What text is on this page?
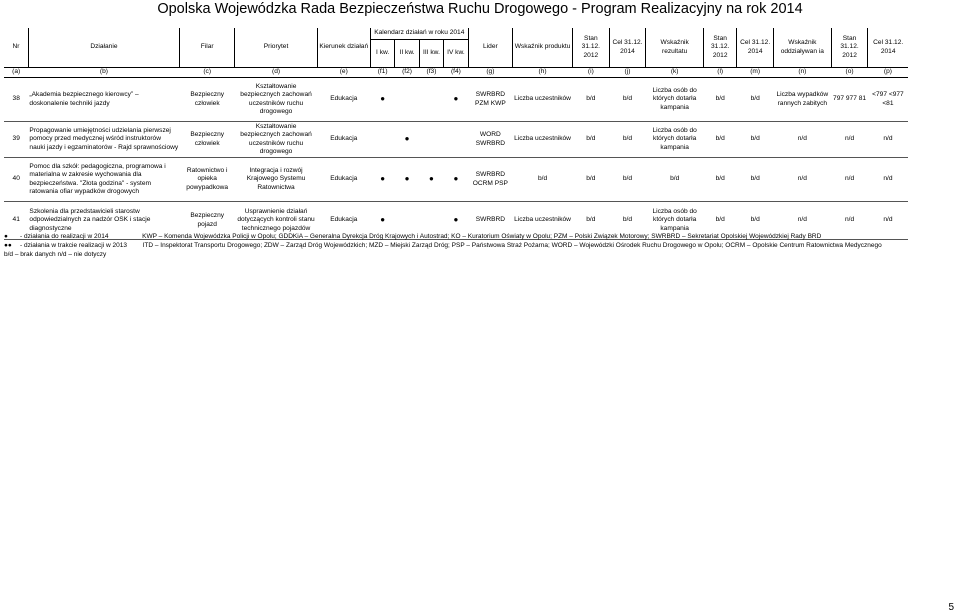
Opolska Wojewódzka Rada Bezpieczeństwa Ruchu Drogowego - Program Realizacyjny na rok 2014
Nr	Działanie	Filar	Priorytet	Kierunek działań	Kalendarz działań w roku 2014				Lider	Wskaźnik produktu	Stan 31.12. 2012	Cel 31.12. 2014	Wskaźnik rezultatu	Stan 31.12. 2012	Cel 31.12. 2014	Wskaźnik oddziaływan ia	Stan 31.12. 2012	Cel 31.12. 2014
					I kw.	II kw.	III kw.	IV kw.										
(a)	(b)	(c)	(d)	(e)	(f1)	(f2)	(f3)	(f4)	(g)	(h)	(i)	(j)	(k)	(l)	(m)	(n)	(o)	(p)
38	„Akademia bezpiecznego kierowcy” – doskonalenie techniki jazdy	Bezpieczny człowiek	Kształtowanie bezpiecznych zachowań uczestników ruchu drogowego	Edukacja	●			●	SWRBRD PZM KWP	Liczba uczestników	b/d	b/d	Liczba osób do których dotarła kampania	b/d	b/d	Liczba wypadków rannych zabitych	797 977 81	<797 <977 <81
39	Propagowanie umiejętności udzielania pierwszej pomocy przed medycznej wśród instruktorów nauki jazdy i egzaminatorów - Rajd sprawnościowy	Bezpieczny człowiek	Kształtowanie bezpiecznych zachowań uczestników ruchu drogowego	Edukacja		●			WORD SWRBRD	Liczba uczestników	b/d	b/d	Liczba osób do których dotarła kampania	b/d	b/d	n/d	n/d	n/d
40	Pomoc dla szkół: pedagogiczna, programowa i materialna w zakresie wychowania dla bezpieczeństwa. "Złota godzina" - system ratowania ofiar wypadków drogowych	Ratownictwo i opieka powypadkowa	Integracja i rozwój Krajowego Systemu Ratownictwa	Edukacja	●	●	●	●	SWRBRD OCRM PSP	b/d	b/d	b/d	b/d	b/d	b/d	n/d	n/d	n/d
41	Szkolenia dla przedstawicieli starostw odpowiedzialnych za nadzór OSK i stacje diagnostyczne	Bezpieczny pojazd	Usprawnienie działań dotyczących kontroli stanu technicznego pojazdów	Edukacja	●			●	SWRBRD	Liczba uczestników	b/d	b/d	Liczba osób do których dotarła kampania	b/d	b/d	n/d	n/d	n/d
● - działania do realizacji w 2014	KWP – Komenda Wojewódzka Policji w Opolu; GDDKiA – Generalna Dyrekcja Dróg Krajowych i Autostrad; KO – Kuratorium Oświaty w Opolu; PZM – Polski Związek Motorowy; SWRBRD – Sekretariat Opolskiej Wojewódzkiej Rady BRD
●● - działania w trakcie realizacji w 2013 ITD – Inspektorat Transportu Drogowego; ZDW – Zarząd Dróg Wojewódzkich; MZD – Miejski Zarząd Dróg; PSP – Państwowa Straż Pożarna; WORD – Wojewódzki Ośrodek Ruchu Drogowego w Opolu; OCRM – Opolskie Centrum Ratownictwa Medycznego
b/d – brak danych n/d – nie dotyczy
5
